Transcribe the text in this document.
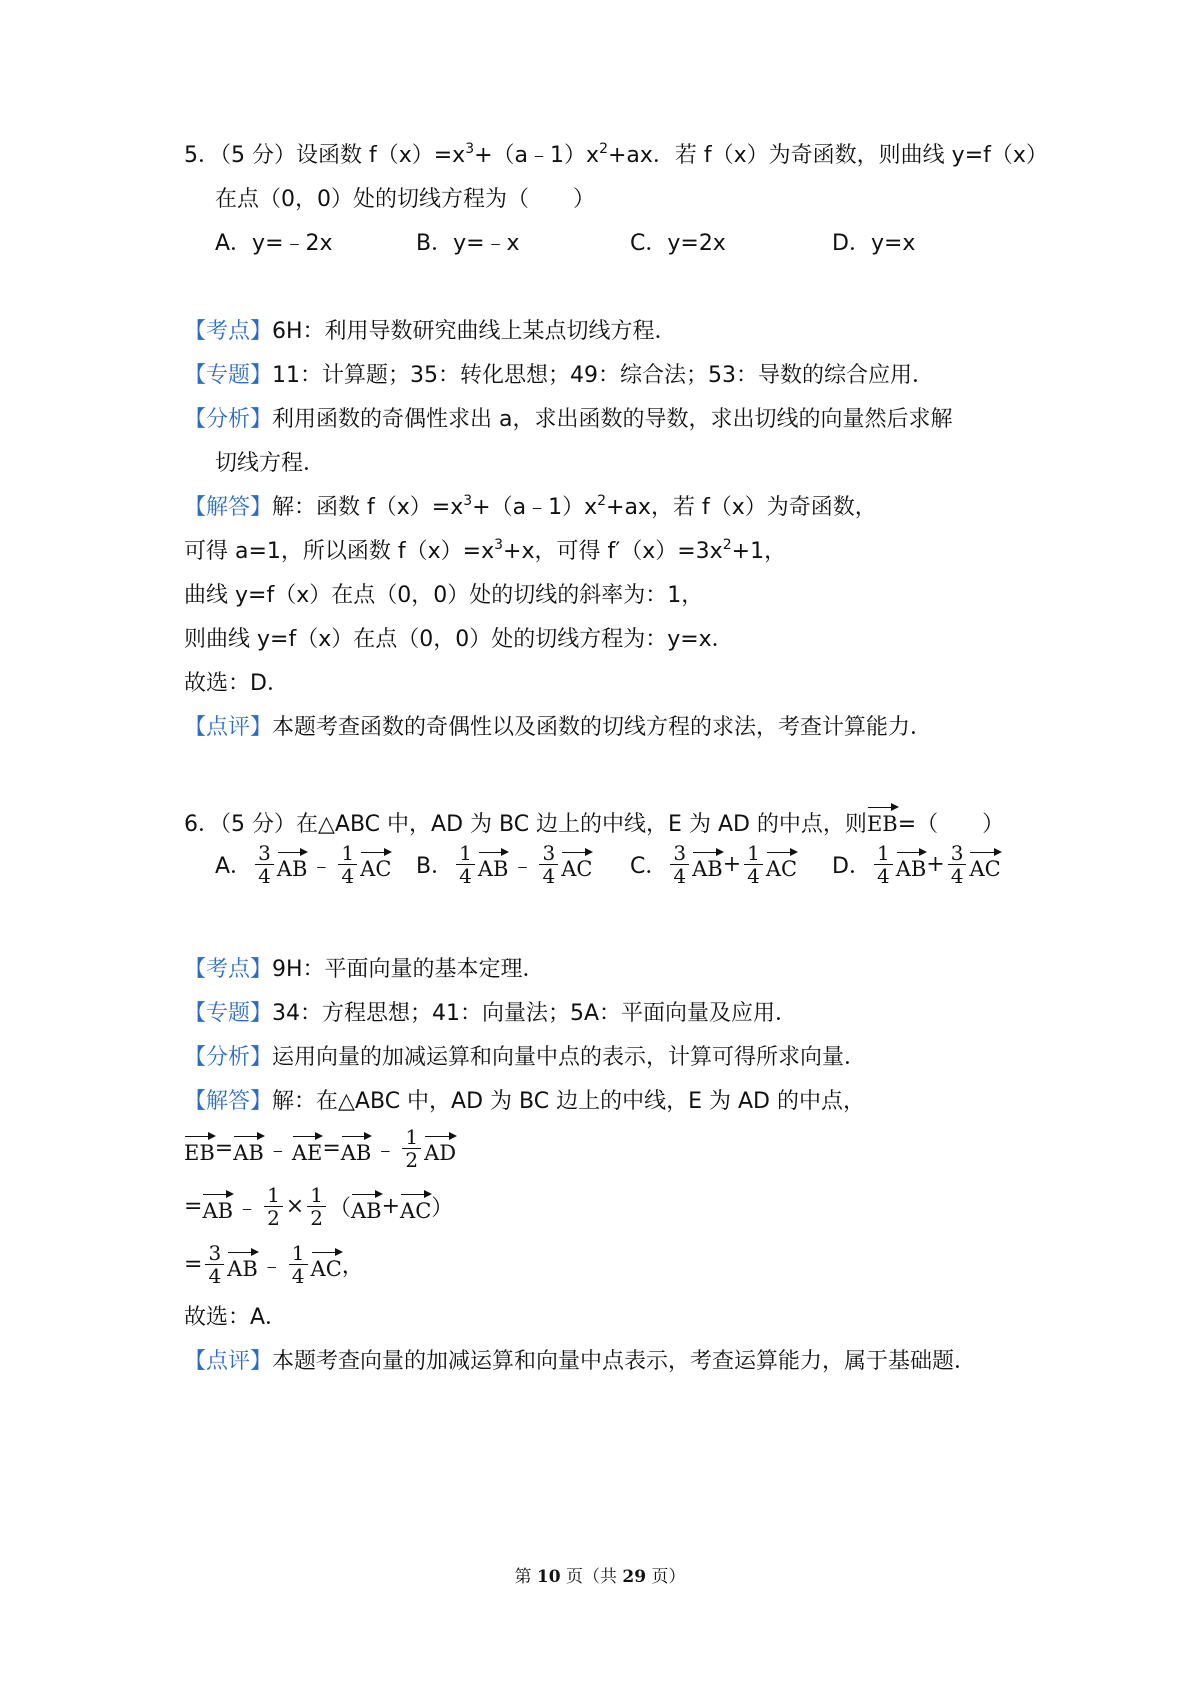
5．（5 分）设函数 $f(x)=x^3+(a﹣1)x^2+ax$．若 f（x）为奇函数，则曲线 y=f（x）
在点（0，0）处的切线方程为（　　）
A．y=﹣2x	B．y=﹣x	C．y=2x	D．y=x
【考点】6H：利用导数研究曲线上某点切线方程．
【专题】11：计算题；35：转化思想；49：综合法；53：导数的综合应用．
【分析】利用函数的奇偶性求出 a，求出函数的导数，求出切线的向量然后求解
切线方程．
【解答】解：函数 $f(x)=x^3+(a﹣1)x^2+ax$，若 f（x）为奇函数，
可得 a=1，所以函数 $f(x)=x^3+x$，可得 $f'(x)=3x^2+1$，
曲线 y=f（x）在点（0，0）处的切线的斜率为：1，
则曲线 y=f（x）在点（0，0）处的切线方程为：y=x．
故选：D．
【点评】本题考查函数的奇偶性以及函数的切线方程的求法，考查计算能力．
6．（5 分）在△ABC 中，AD 为 BC 边上的中线，E 为 AD 的中点，则EB=（　　）
A． $\frac{3}{4}$ AB ﹣ $\frac{1}{4}$ AC B． $\frac{1}{4}$ AB ﹣ $\frac{3}{4}$ AC C． $\frac{3}{4}$ AB + $\frac{1}{4}$ AC D． $\frac{1}{4}$ AB + $\frac{3}{4}$ AC
【考点】9H：平面向量的基本定理．
【专题】34：方程思想；41：向量法；5A：平面向量及应用．
【分析】运用向量的加减运算和向量中点的表示，计算可得所求向量．
【解答】解：在△ABC 中，AD 为 BC 边上的中线，E 为 AD 的中点，
EB = AB ﹣ AE = AB ﹣ $\frac{1}{2}$ AD
= AB ﹣ $\frac{1}{2} \times \frac{1}{2}$ （ AB + AC ）
= $\frac{3}{4}$ AB ﹣ $\frac{1}{4}$ AC ，
故选：A．
【点评】本题考查向量的加减运算和向量中点表示，考查运算能力，属于基础题．
第 10 页（共 29 页）
